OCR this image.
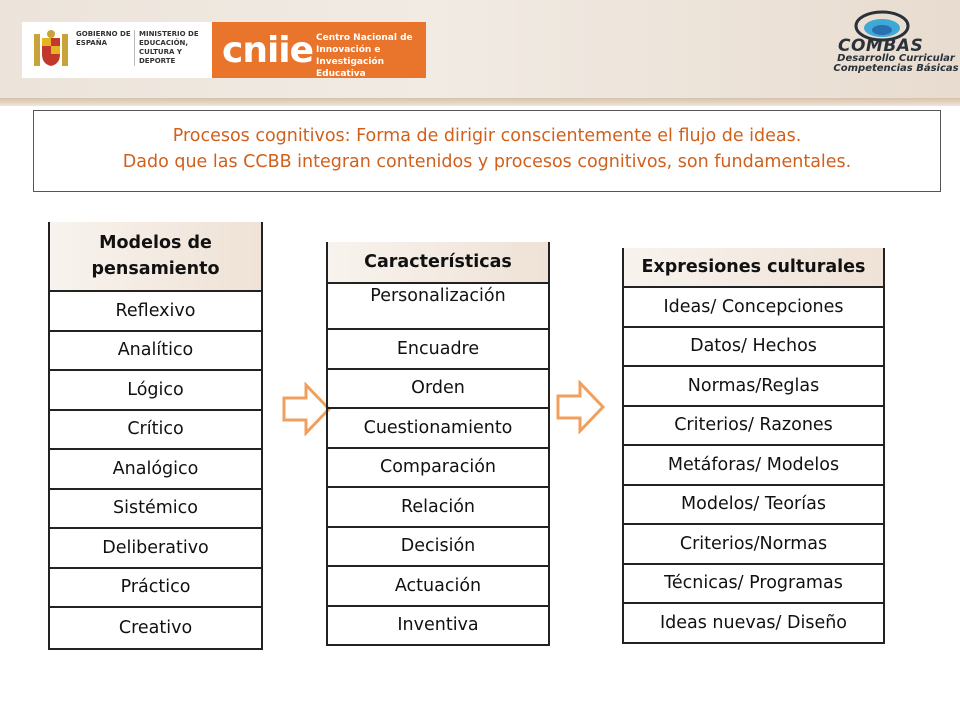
GOBIERNO DE ESPAÑA
MINISTERIO DE EDUCACIÓN, CULTURA Y DEPORTE	cniie Centro Nacional de Innovación e Investigación Educativa
COMBAS
Desarrollo Curricular
Competencias Básicas
Procesos cognitivos: Forma de dirigir conscientemente el flujo de ideas.
Dado que las CCBB integran contenidos y procesos cognitivos, son fundamentales.
Modelos de
pensamiento

Reflexivo
Analítico
Lógico
Crítico
Analógico
Sistémico
Deliberativo
Práctico
Creativo
Características
Personalización
Encuadre
Orden
Cuestionamiento
Comparación
Relación
Decisión
Actuación
Inventiva
Expresiones culturales
Ideas/ Concepciones
Datos/ Hechos
Normas/Reglas
Criterios/ Razones
Metáforas/ Modelos
Modelos/ Teorías
Criterios/Normas
Técnicas/ Programas
Ideas nuevas/ Diseño
